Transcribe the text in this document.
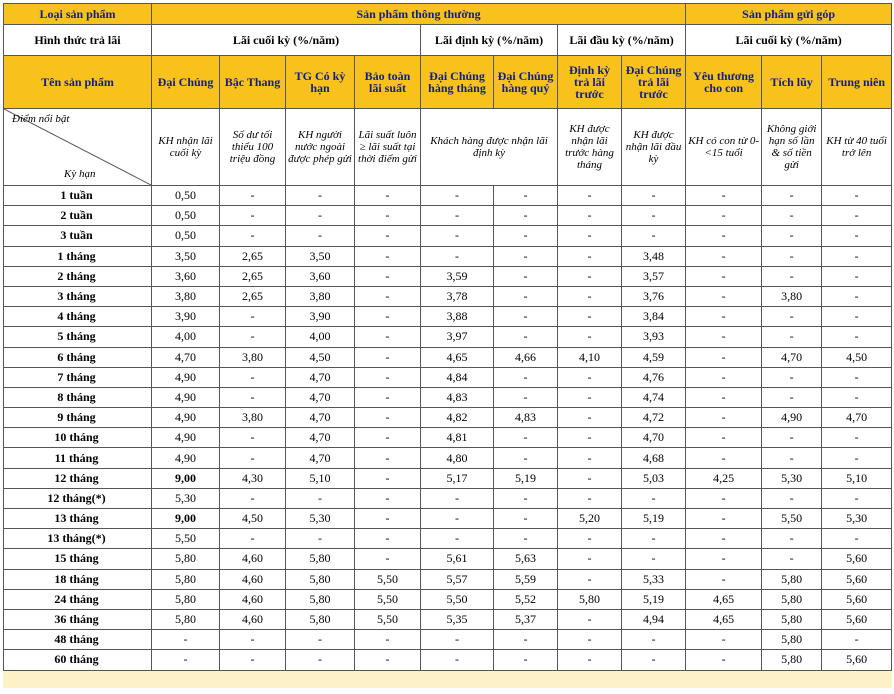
Loại sản phẩm	Sản phẩm thông thường								Sản phẩm gửi góp		
Hình thức trả lãi	Lãi cuối kỳ (%/năm)				Lãi định kỳ (%/năm)		Lãi đầu kỳ (%/năm)		Lãi cuối kỳ (%/năm)		
Tên sản phẩm	Đại Chúng	Bậc Thang	TG Có kỳ hạn	Bảo toàn lãi suất	Đại Chúng hàng tháng	Đại Chúng hàng quý	Định kỳ trả lãi trước	Đại Chúng trả lãi trước	Yêu thương cho con	Tích lũy	Trung niên

Điểm nổi bật
Kỳ hạn	KH nhận lãi cuối kỳ	Số dư tối thiểu 100 triệu đồng	KH người nước ngoài được phép gửi	Lãi suất luôn ≥ lãi suất tại thời điểm gửi	Khách hàng được nhận lãi định kỳ		KH được nhận lãi trước hàng tháng	KH được nhận lãi đầu kỳ	KH có con từ 0-<15 tuổi	Không giới hạn số lần & số tiền gửi	KH từ 40 tuổi trở lên
1 tuần	0,50	-	-	-	-	-	-	-	-	-	-
2 tuần	0,50	-	-	-	-	-	-	-	-	-	-
3 tuần	0,50	-	-	-	-	-	-	-	-	-	-
1 tháng	3,50	2,65	3,50	-	-	-	-	3,48	-	-	-
2 tháng	3,60	2,65	3,60	-	3,59	-	-	3,57	-	-	-
3 tháng	3,80	2,65	3,80	-	3,78	-	-	3,76	-	3,80	-
4 tháng	3,90	-	3,90	-	3,88	-	-	3,84	-	-	-
5 tháng	4,00	-	4,00	-	3,97	-	-	3,93	-	-	-
6 tháng	4,70	3,80	4,50	-	4,65	4,66	4,10	4,59	-	4,70	4,50
7 tháng	4,90	-	4,70	-	4,84	-	-	4,76	-	-	-
8 tháng	4,90	-	4,70	-	4,83	-	-	4,74	-	-	-
9 tháng	4,90	3,80	4,70	-	4,82	4,83	-	4,72	-	4,90	4,70
10 tháng	4,90	-	4,70	-	4,81	-	-	4,70	-	-	-
11 tháng	4,90	-	4,70	-	4,80	-	-	4,68	-	-	-
12 tháng	9,00	4,30	5,10	-	5,17	5,19	-	5,03	4,25	5,30	5,10
12 tháng(*)	5,30	-	-	-	-	-	-	-	-	-	-
13 tháng	9,00	4,50	5,30	-	-	-	5,20	5,19	-	5,50	5,30
13 tháng(*)	5,50	-	-	-	-	-	-	-	-	-	-
15 tháng	5,80	4,60	5,80	-	5,61	5,63	-	-	-	-	5,60
18 tháng	5,80	4,60	5,80	5,50	5,57	5,59	-	5,33	-	5,80	5,60
24 tháng	5,80	4,60	5,80	5,50	5,50	5,52	5,80	5,19	4,65	5,80	5,60
36 tháng	5,80	4,60	5,80	5,50	5,35	5,37	-	4,94	4,65	5,80	5,60
48 tháng	-	-	-	-	-	-	-	-	-	5,80	-
60 tháng	-	-	-	-	-	-	-	-	-	5,80	5,60
